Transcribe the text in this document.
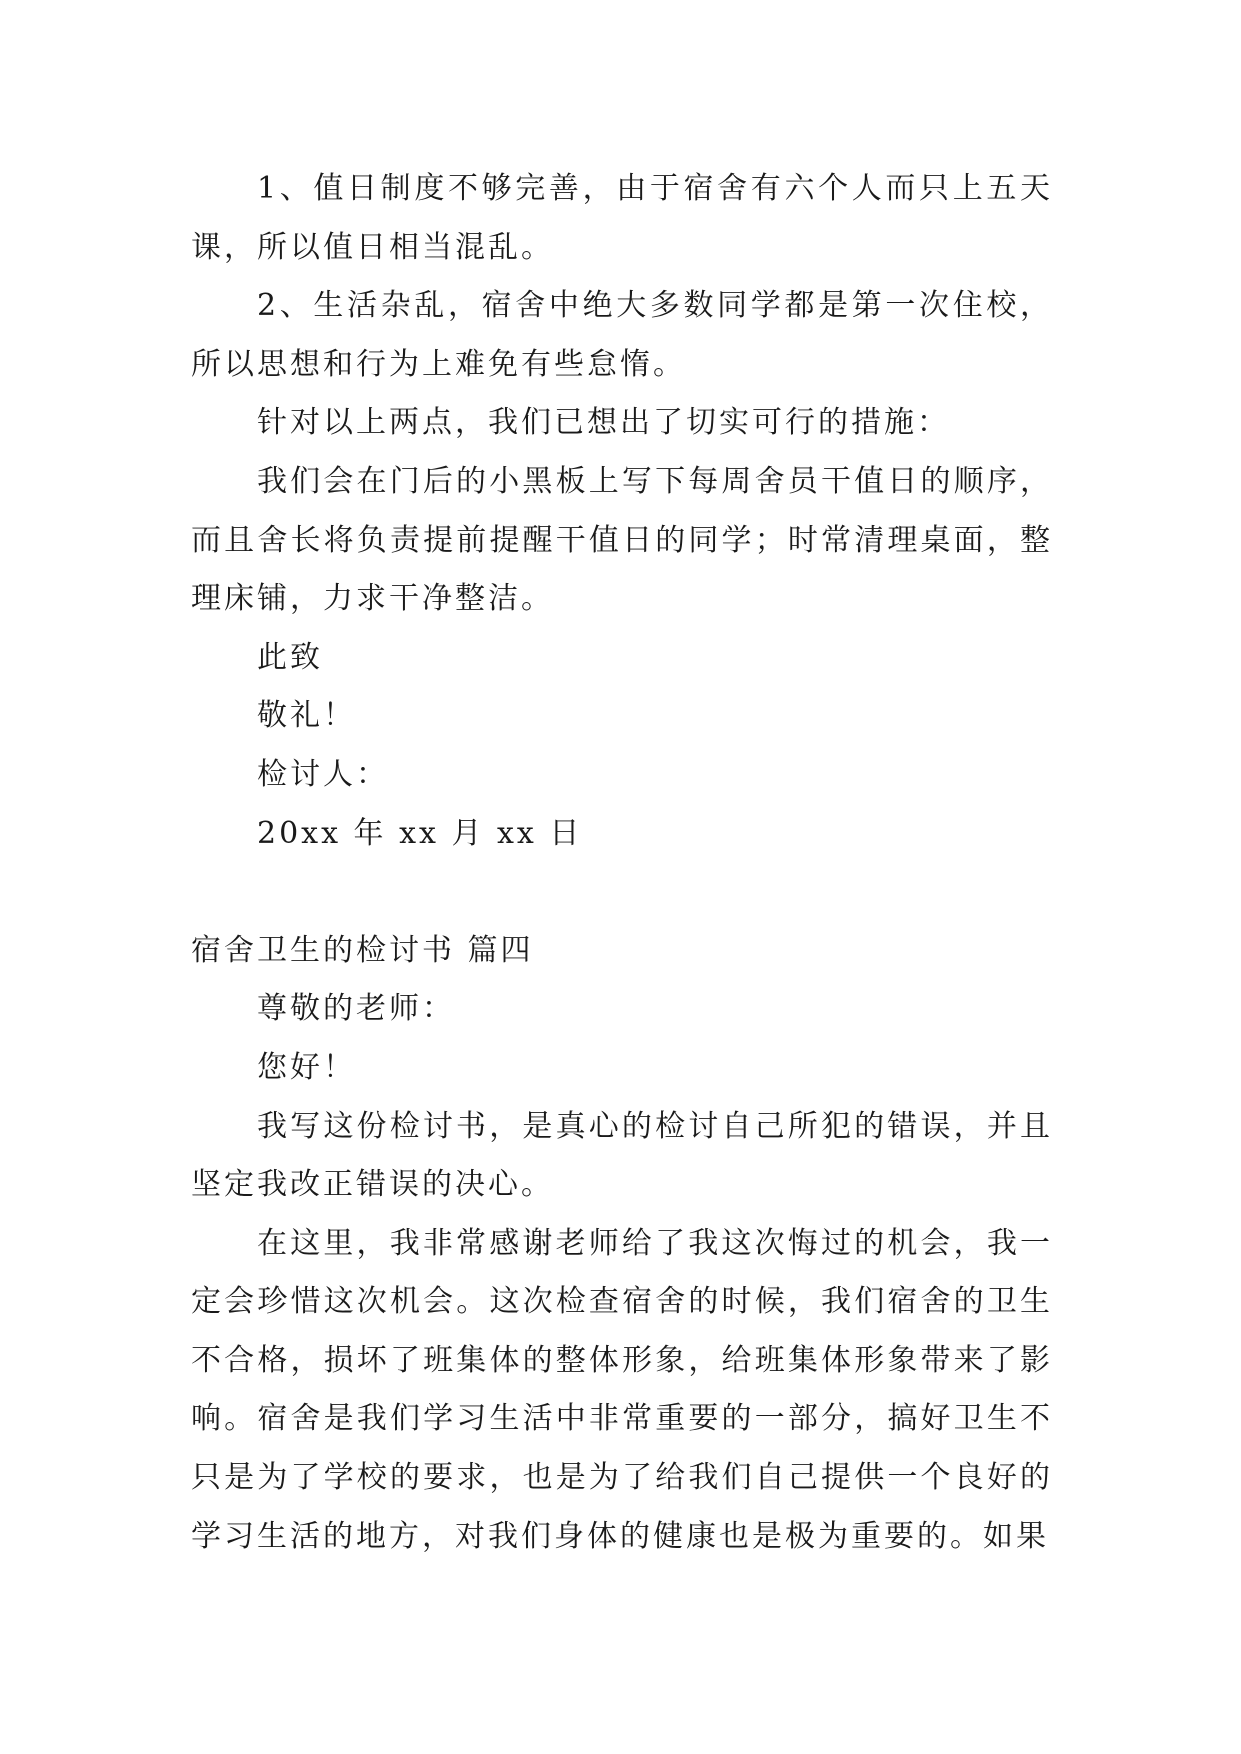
1、值日制度不够完善，由于宿舍有六个人而只上五天课，所以值日相当混乱。

2、生活杂乱，宿舍中绝大多数同学都是第一次住校，所以思想和行为上难免有些怠惰。

针对以上两点，我们已想出了切实可行的措施：

我们会在门后的小黑板上写下每周舍员干值日的顺序，而且舍长将负责提前提醒干值日的同学；时常清理桌面，整理床铺，力求干净整洁。

此致

敬礼！

检讨人：

20xx 年 xx 月 xx 日

宿舍卫生的检讨书 篇四

尊敬的老师：

您好！

我写这份检讨书，是真心的检讨自己所犯的错误，并且坚定我改正错误的决心。

在这里，我非常感谢老师给了我这次悔过的机会，我一定会珍惜这次机会。这次检查宿舍的时候，我们宿舍的卫生不合格，损坏了班集体的整体形象，给班集体形象带来了影响。宿舍是我们学习生活中非常重要的一部分，搞好卫生不只是为了学校的要求，也是为了给我们自己提供一个良好的学习生活的地方，对我们身体的健康也是极为重要的。如果
